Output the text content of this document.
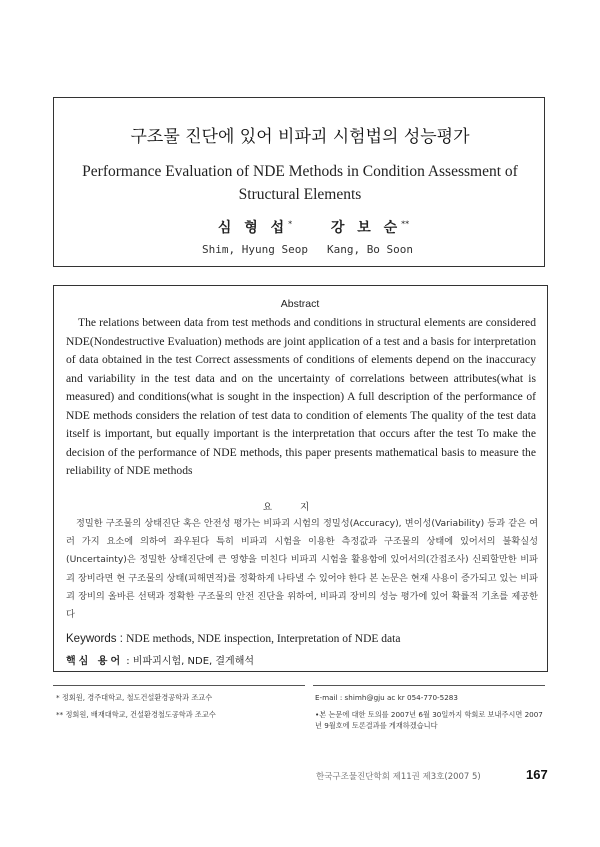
구조물 진단에 있어 비파괴 시험법의 성능평가
Performance Evaluation of NDE Methods in Condition Assessment of Structural Elements
심 형 섭*
Shim, Hyung Seop
강 보 순**
Kang, Bo Soon
Abstract
The relations between data from test methods and conditions in structural elements are considered NDE(Nondestructive Evaluation) methods are joint application of a test and a basis for interpretation of data obtained in the test Correct assessments of conditions of elements depend on the inaccuracy and variability in the test data and on the uncertainty of correlations between attributes(what is measured) and conditions(what is sought in the inspection) A full description of the performance of NDE methods considers the relation of test data to condition of elements The quality of the test data itself is important, but equally important is the interpretation that occurs after the test To make the decision of the performance of NDE methods, this paper presents mathematical basis to measure the reliability of NDE methods
요지
정밀한 구조물의 상태진단 혹은 안전성 평가는 비파괴 시험의 정밀성(Accuracy), 변이성(Variability) 등과 같은 여러 가지 요소에 의하여 좌우된다 특히 비파괴 시험을 이용한 측정값과 구조물의 상태에 있어서의 불확실성(Uncertainty)은 정밀한 상태진단에 큰 영향을 미친다 비파괴 시험을 활용함에 있어서의(간접조사) 신뢰할만한 비파괴 장비라면 현 구조물의 상태(피해면적)를 정확하게 나타낼 수 있어야 한다 본 논문은 현재 사용이 증가되고 있는 비파괴 장비의 올바른 선택과 정확한 구조물의 안전 진단을 위하여, 비파괴 장비의 성능 평가에 있어 확률적 기초를 제공한다
Keywords : NDE methods, NDE inspection, Interpretation of NDE data
핵심 용어 : 비파괴시험, NDE, 결게해석
* 정회원, 경주대학교, 철도건설환경공학과 조교수
** 정회원, 배재대학교, 건설환경철도공학과 조교수
E-mail : shimh@gju ac kr 054-770-5283
•본 논문에 대한 토의를 2007년 6월 30일까지 학회로 보내주시면 2007년 9월호에 토론결과를 게재하겠습니다
한국구조물진단학회 제11권 제3호(2007 5)	167
